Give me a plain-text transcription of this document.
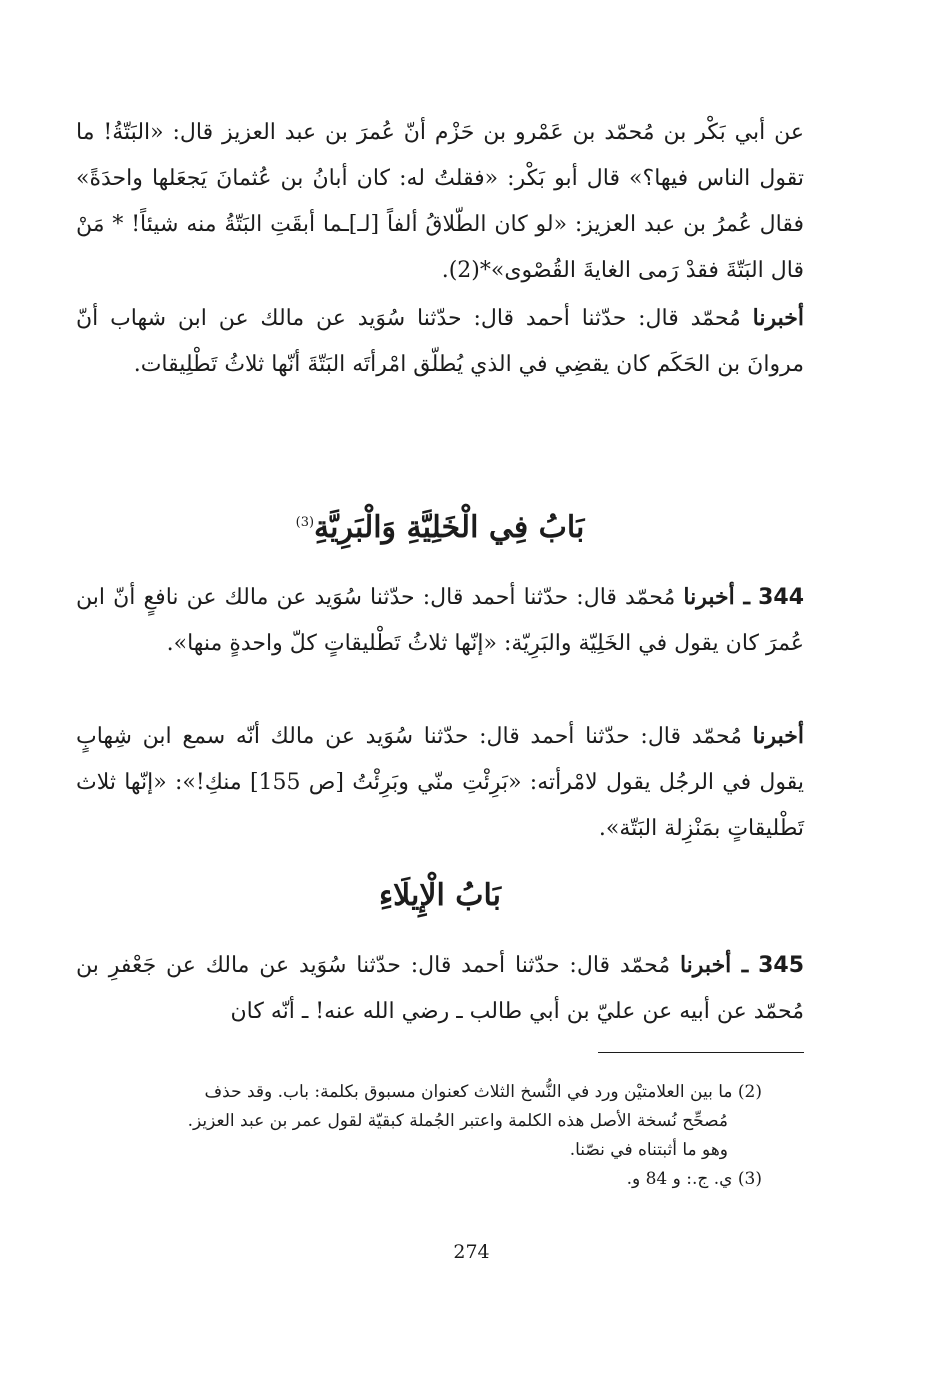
عن أبي بَكْر بن مُحمّد بن عَمْرو بن حَزْم أنّ عُمرَ بن عبد العزيز قال: «البَتّةُ! ما تقول الناس فيها؟» قال أبو بَكْر: «فقلتُ له: كان أبانُ بن عُثمانَ يَجعَلها واحدَةً» فقال عُمرُ بن عبد العزيز: «لو كان الطّلاقُ ألفاً [لـ]ـما أبقَتِ البَتّةُ منه شيئاً! * مَنْ قال البَتّةَ فقدْ رَمى الغايةَ القُصْوى»*(2).

أخبرنا مُحمّد قال: حدّثنا أحمد قال: حدّثنا سُوَيد عن مالك عن ابن شهاب أنّ مروانَ بن الحَكَم كان يقضِي في الذي يُطلّق امْرأتَه البَتّةَ أنّها ثلاثُ تَطْلِيقات.

بَابُ فِي الْخَلِيَّةِ وَالْبَرِيَّةِ$^{(3)}$

344 ـ أخبرنا مُحمّد قال: حدّثنا أحمد قال: حدّثنا سُوَيد عن مالك عن نافعٍ أنّ ابن عُمرَ كان يقول في الخَلِيّة والبَرِيّة: «إنّها ثلاثُ تَطْليقاتٍ كلّ واحدةٍ منها».

أخبرنا مُحمّد قال: حدّثنا أحمد قال: حدّثنا سُوَيد عن مالك أنّه سمع ابن شِهابٍ يقول في الرجُل يقول لامْرأته: «بَرِئْتِ منّي وبَرِئْتُ [ص 155] منكِ!»: «إنّها ثلاث تَطْليقاتٍ بمَنْزِلة البَتّة».

بَابُ الْإِيلَاءِ

345 ـ أخبرنا مُحمّد قال: حدّثنا أحمد قال: حدّثنا سُوَيد عن مالك عن جَعْفرِ بن مُحمّد عن أبيه عن عليّ بن أبي طالب ـ رضي الله عنه! ـ أنّه كان

(2) ما بين العلامتيْن ورد في النُّسخ الثلاث كعنوان مسبوق بكلمة: باب. وقد حذف
مُصحِّح نُسخة الأصل هذه الكلمة واعتبر الجُملة كبقيّة لقول عمر بن عبد العزيز.
وهو ما أثبتناه في نصّنا.
(3) ي. ج.: و 84 و.
274
